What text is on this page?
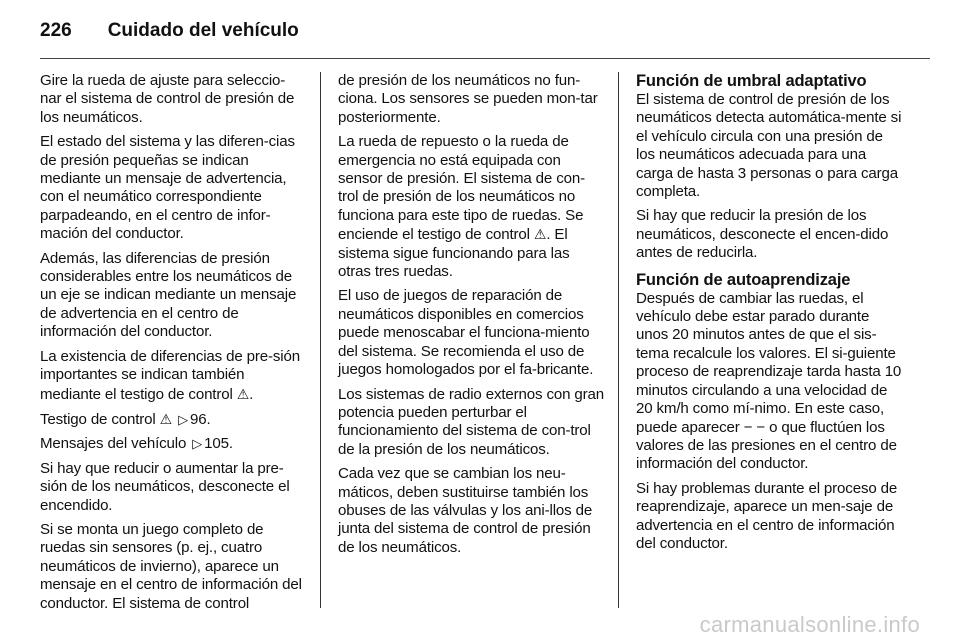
226 Cuidado del vehículo

Gire la rueda de ajuste para seleccio-nar el sistema de control de presión de los neumáticos.

El estado del sistema y las diferen-cias de presión pequeñas se indican mediante un mensaje de advertencia, con el neumático correspondiente parpadeando, en el centro de infor-mación del conductor.

Además, las diferencias de presión considerables entre los neumáticos de un eje se indican mediante un mensaje de advertencia en el centro de información del conductor.

La existencia de diferencias de pre-sión importantes se indican también mediante el testigo de control ⚠.

Testigo de control ⚠ ▷ 96.

Mensajes del vehículo ▷ 105.

Si hay que reducir o aumentar la pre-sión de los neumáticos, desconecte el encendido.

Si se monta un juego completo de ruedas sin sensores (p. ej., cuatro neumáticos de invierno), aparece un mensaje en el centro de información del conductor. El sistema de control

de presión de los neumáticos no fun-ciona. Los sensores se pueden mon-tar posteriormente.

La rueda de repuesto o la rueda de emergencia no está equipada con sensor de presión. El sistema de con-trol de presión de los neumáticos no funciona para este tipo de ruedas. Se enciende el testigo de control ⚠. El sistema sigue funcionando para las otras tres ruedas.

El uso de juegos de reparación de neumáticos disponibles en comercios puede menoscabar el funciona-miento del sistema. Se recomienda el uso de juegos homologados por el fa-bricante.

Los sistemas de radio externos con gran potencia pueden perturbar el funcionamiento del sistema de con-trol de la presión de los neumáticos.

Cada vez que se cambian los neu-máticos, deben sustituirse también los obuses de las válvulas y los ani-llos de junta del sistema de control de presión de los neumáticos.

Función de umbral adaptativo

El sistema de control de presión de los neumáticos detecta automática-mente si el vehículo circula con una presión de los neumáticos adecuada para una carga de hasta 3 personas o para carga completa.

Si hay que reducir la presión de los neumáticos, desconecte el encen-dido antes de reducirla.

Función de autoaprendizaje

Después de cambiar las ruedas, el vehículo debe estar parado durante unos 20 minutos antes de que el sis-tema recalcule los valores. El si-guiente proceso de reaprendizaje tarda hasta 10 minutos circulando a una velocidad de 20 km/h como mí-nimo. En este caso, puede aparecer − − o que fluctúen los valores de las presiones en el centro de información del conductor.

Si hay problemas durante el proceso de reaprendizaje, aparece un men-saje de advertencia en el centro de información del conductor.

carmanualsonline.info
